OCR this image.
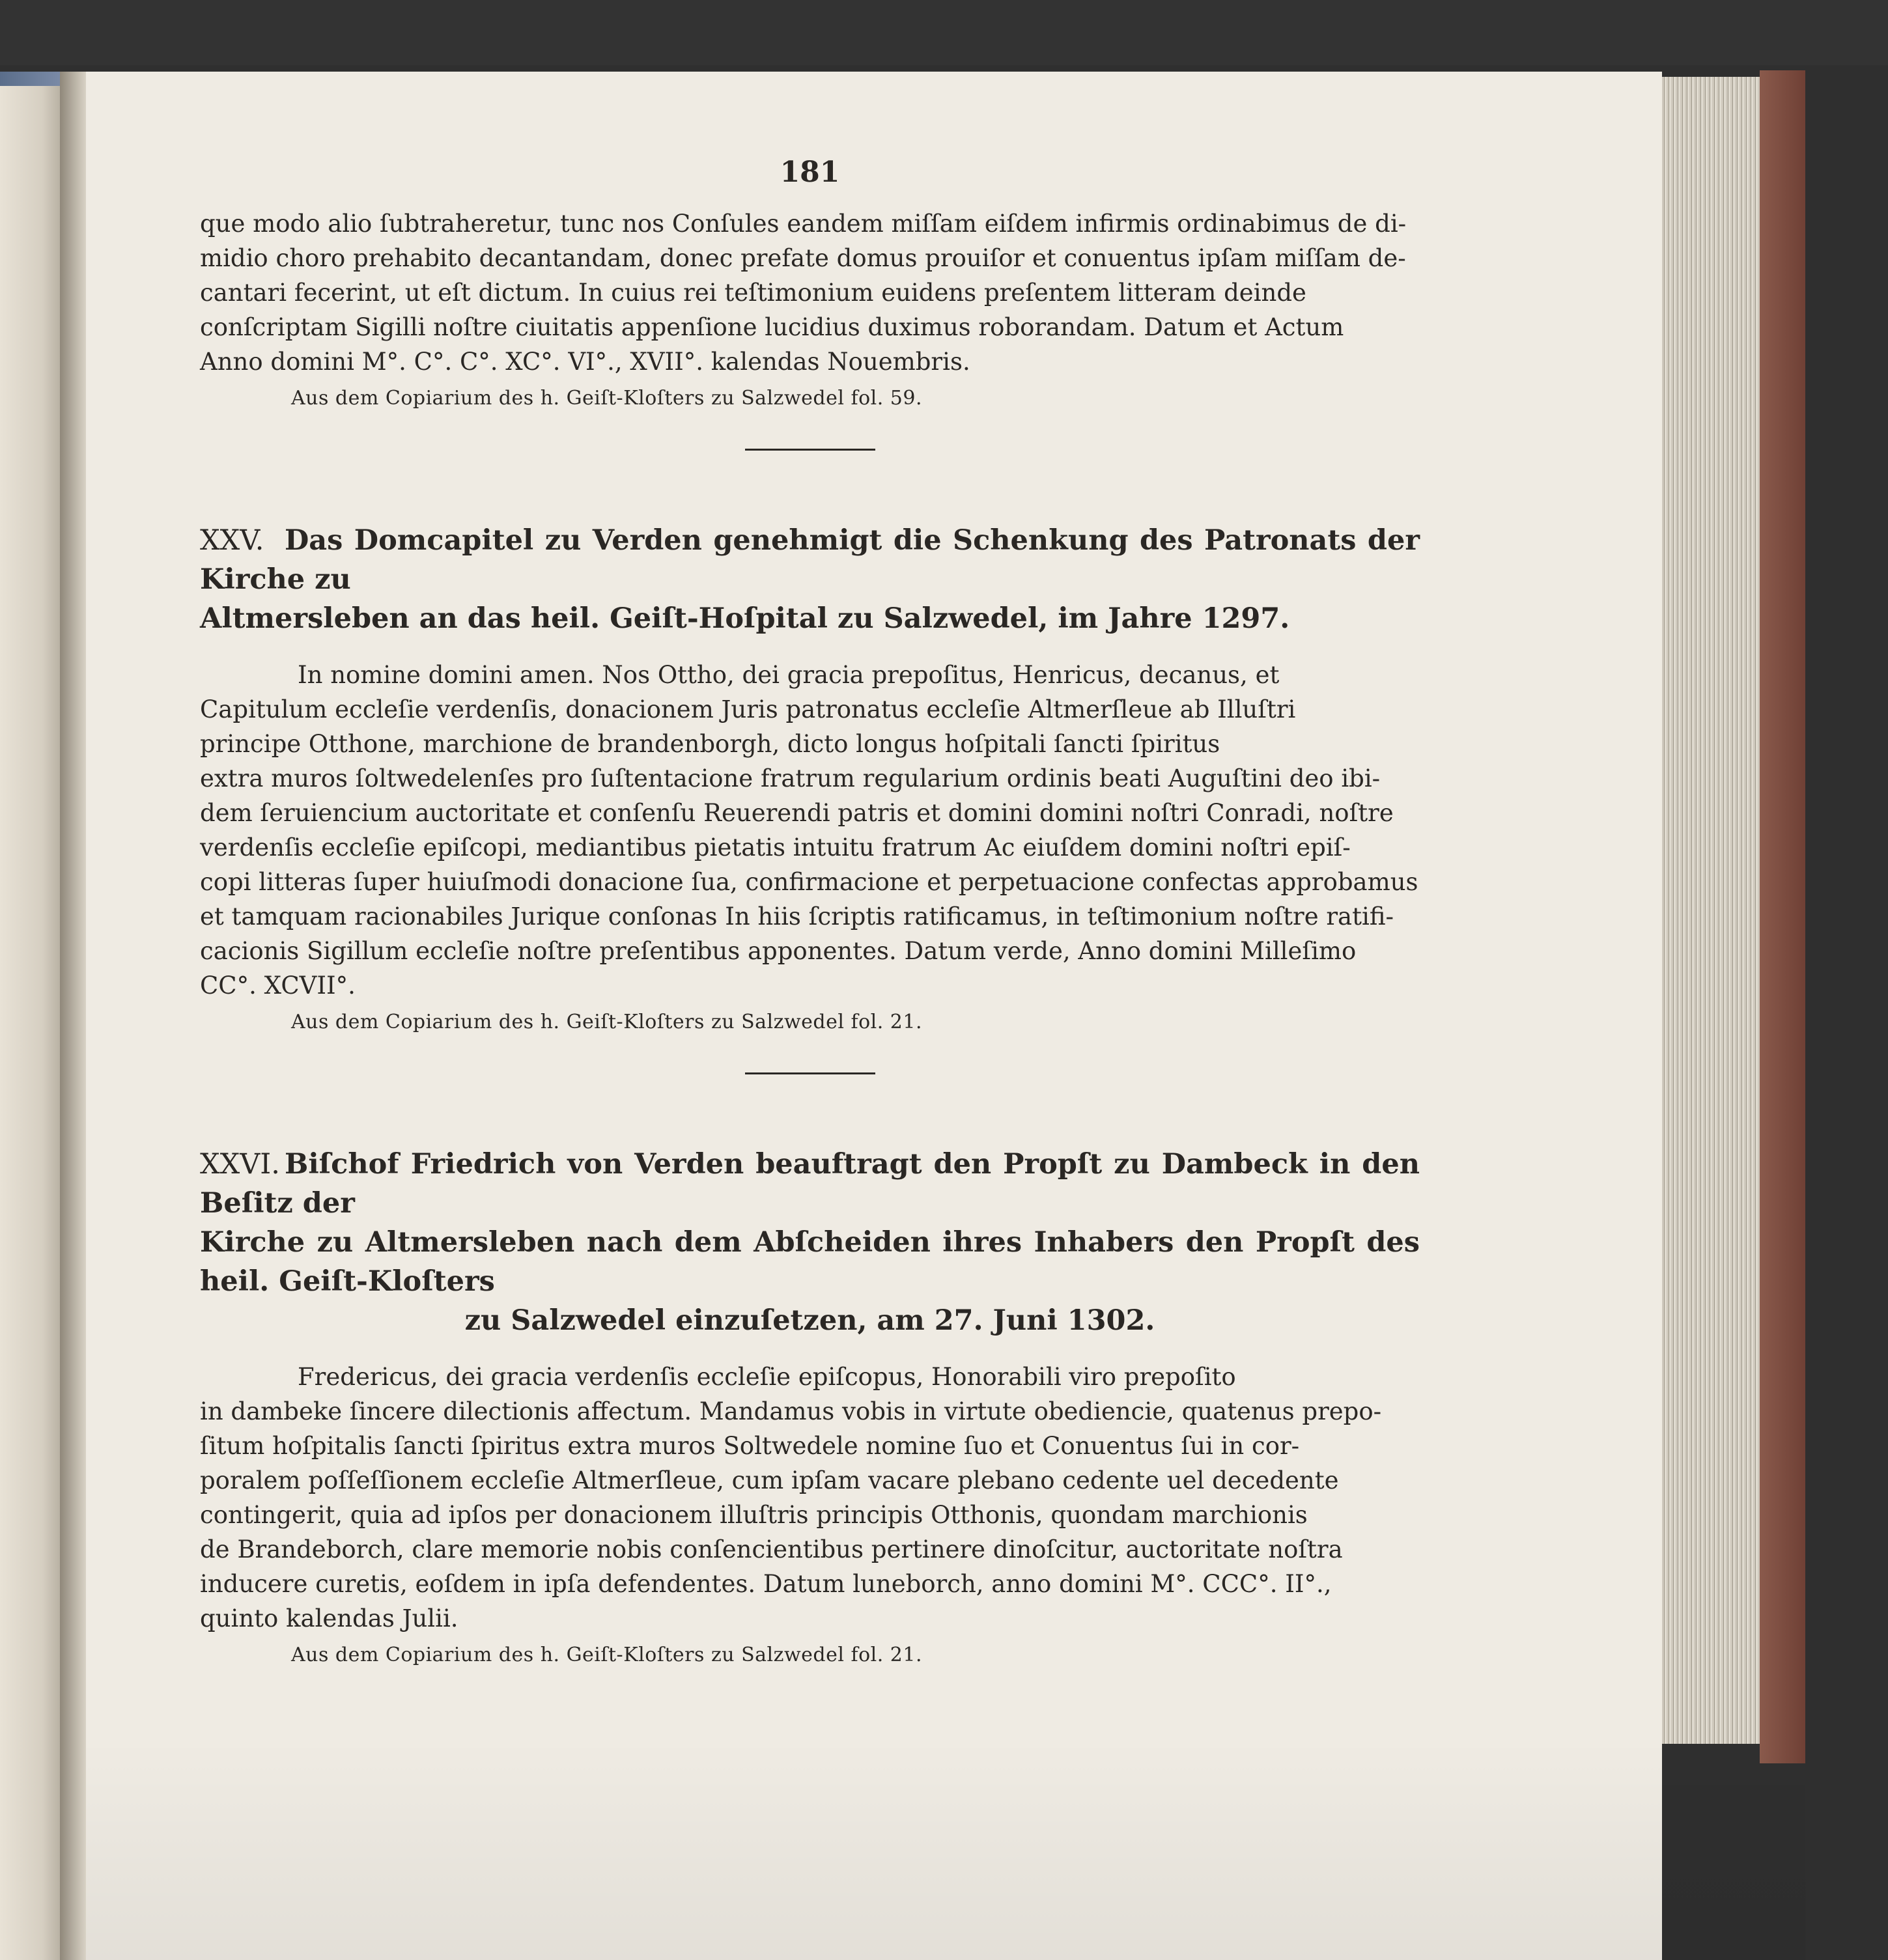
181

que modo alio ſubtraheretur, tunc nos Conſules eandem miſſam eiſdem infirmis ordinabimus de di-
midio choro prehabito decantandam, donec prefate domus prouiſor et conuentus ipſam miſſam de-
cantari fecerint, ut eſt dictum. In cuius rei teſtimonium euidens preſentem litteram deinde
conſcriptam Sigilli noſtre ciuitatis appenſione lucidius duximus roborandam. Datum et Actum
Anno domini M°. C°. C°. XC°. VI°., XVII°. kalendas Nouembris.

Aus dem Copiarium des h. Geiſt-Kloſters zu Salzwedel fol. 59.
XXV. Das Domcapitel zu Verden genehmigt die Schenkung des Patronats der Kirche zu
Altmersleben an das heil. Geiſt-Hoſpital zu Salzwedel, im Jahre 1297.

In nomine domini amen. Nos Ottho, dei gracia prepoſitus, Henricus, decanus, et
Capitulum eccleſie verdenſis, donacionem Juris patronatus eccleſie Altmerſleue ab Illuſtri
principe Otthone, marchione de brandenborgh, dicto longus hoſpitali ſancti ſpiritus
extra muros ſoltwedelenſes pro ſuſtentacione fratrum regularium ordinis beati Auguſtini deo ibi-
dem ſeruiencium auctoritate et conſenſu Reuerendi patris et domini domini noſtri Conradi, noſtre
verdenſis eccleſie epiſcopi, mediantibus pietatis intuitu fratrum Ac eiuſdem domini noſtri epiſ-
copi litteras ſuper huiuſmodi donacione ſua, confirmacione et perpetuacione confectas approbamus
et tamquam racionabiles Jurique conſonas In hiis ſcriptis ratificamus, in teſtimonium noſtre ratifi-
cacionis Sigillum eccleſie noſtre preſentibus apponentes. Datum verde, Anno domini Milleſimo
CC°. XCVII°.

Aus dem Copiarium des h. Geiſt-Kloſters zu Salzwedel fol. 21.
XXVI. Biſchof Friedrich von Verden beauftragt den Propſt zu Dambeck in den Beſitz der
Kirche zu Altmersleben nach dem Abſcheiden ihres Inhabers den Propſt des heil. Geiſt-Kloſters
zu Salzwedel einzuſetzen, am 27. Juni 1302.

Fredericus, dei gracia verdenſis eccleſie epiſcopus, Honorabili viro prepoſito
in dambeke ſincere dilectionis affectum. Mandamus vobis in virtute obediencie, quatenus prepo-
ſitum hoſpitalis ſancti ſpiritus extra muros Soltwedele nomine ſuo et Conuentus ſui in cor-
poralem poſſeſſionem eccleſie Altmerſleue, cum ipſam vacare plebano cedente uel decedente
contingerit, quia ad ipſos per donacionem illuſtris principis Otthonis, quondam marchionis
de Brandeborch, clare memorie nobis conſencientibus pertinere dinoſcitur, auctoritate noſtra
inducere curetis, eoſdem in ipſa defendentes. Datum luneborch, anno domini M°. CCC°. II°.,
quinto kalendas Julii.

Aus dem Copiarium des h. Geiſt-Kloſters zu Salzwedel fol. 21.
